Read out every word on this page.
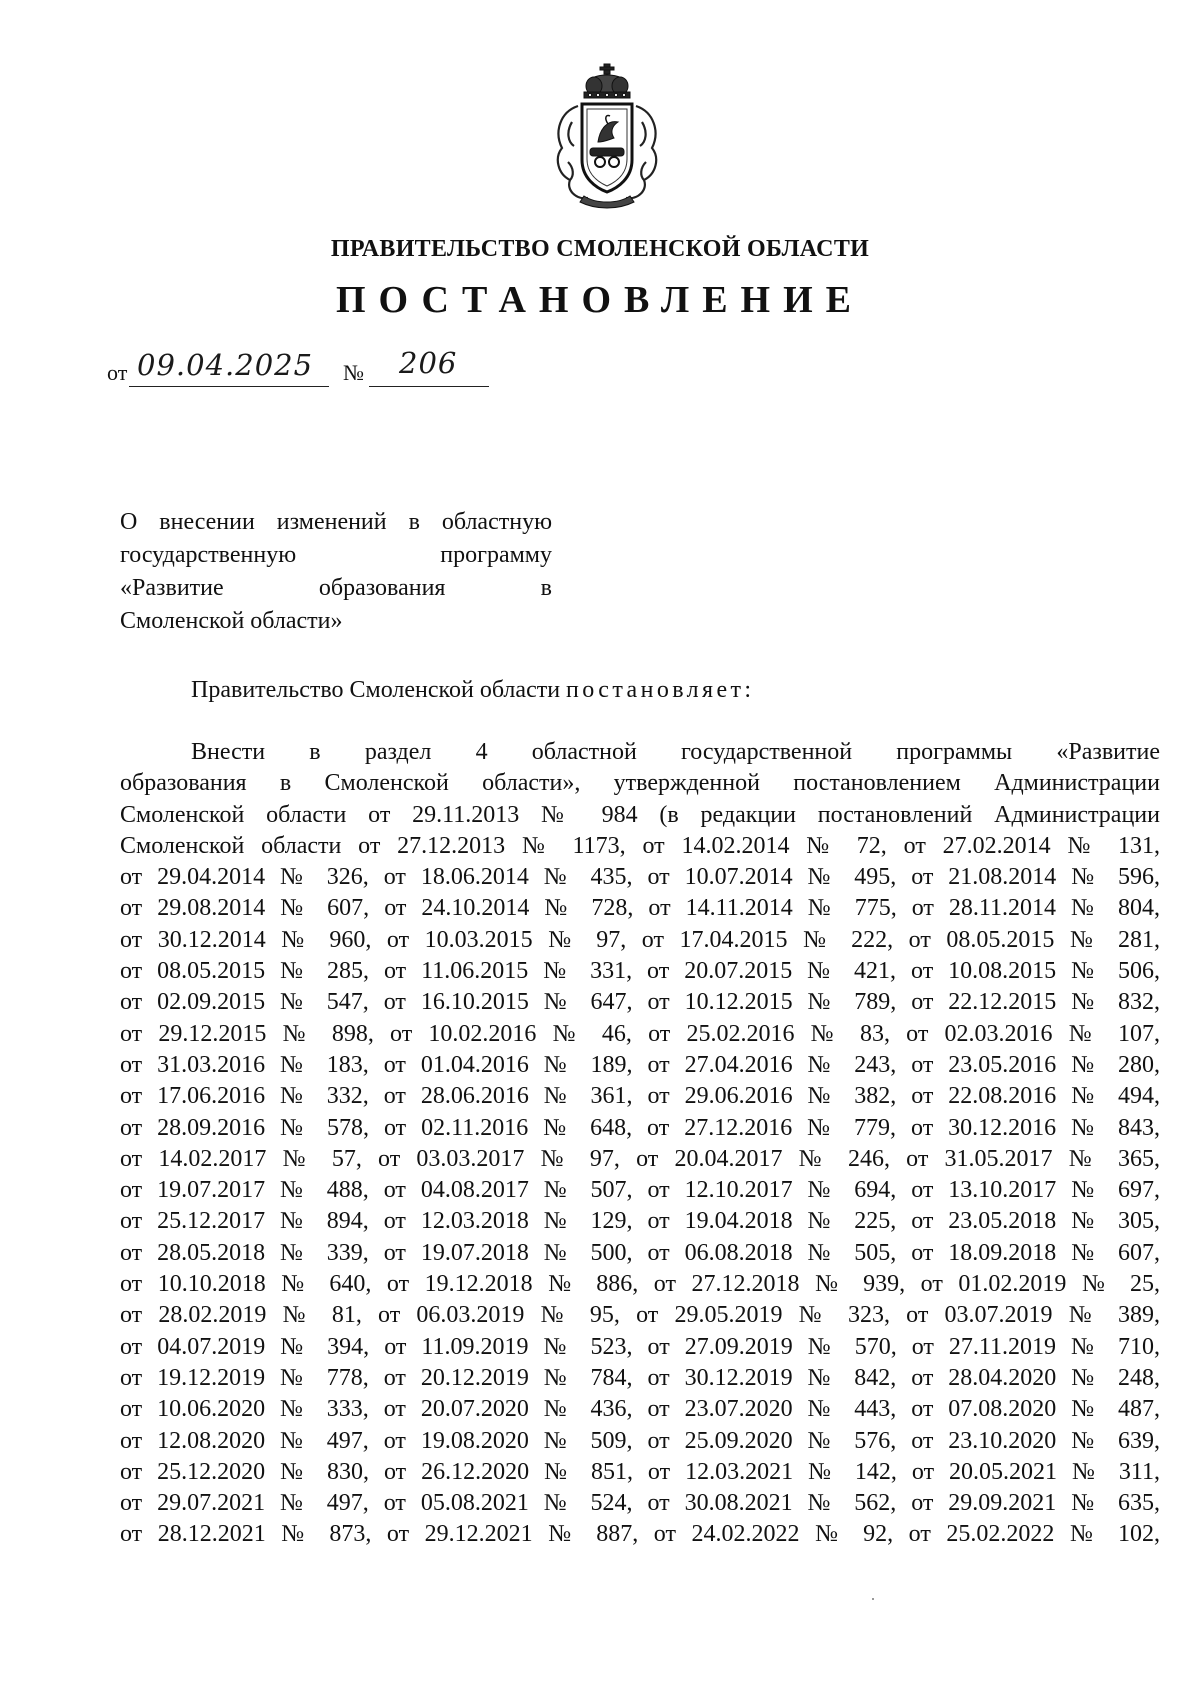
ПРАВИТЕЛЬСТВО СМОЛЕНСКОЙ ОБЛАСТИ
ПОСТАНОВЛЕНИЕ
от 09.04.2025 № 206
О внесении изменений в областную
государственную программу
«Развитие образования в
Смоленской области»
Правительство Смоленской области постановляет:
Внести в раздел 4 областной государственной программы «Развитие
образования в Смоленской области», утвержденной постановлением Администрации
Смоленской области от 29.11.2013 № 984 (в редакции постановлений Администрации
Смоленской области от 27.12.2013 № 1173, от 14.02.2014 № 72, от 27.02.2014 № 131,
от 29.04.2014 № 326, от 18.06.2014 № 435, от 10.07.2014 № 495, от 21.08.2014 № 596,
от 29.08.2014 № 607, от 24.10.2014 № 728, от 14.11.2014 № 775, от 28.11.2014 № 804,
от 30.12.2014 № 960, от 10.03.2015 № 97, от 17.04.2015 № 222, от 08.05.2015 № 281,
от 08.05.2015 № 285, от 11.06.2015 № 331, от 20.07.2015 № 421, от 10.08.2015 № 506,
от 02.09.2015 № 547, от 16.10.2015 № 647, от 10.12.2015 № 789, от 22.12.2015 № 832,
от 29.12.2015 № 898, от 10.02.2016 № 46, от 25.02.2016 № 83, от 02.03.2016 № 107,
от 31.03.2016 № 183, от 01.04.2016 № 189, от 27.04.2016 № 243, от 23.05.2016 № 280,
от 17.06.2016 № 332, от 28.06.2016 № 361, от 29.06.2016 № 382, от 22.08.2016 № 494,
от 28.09.2016 № 578, от 02.11.2016 № 648, от 27.12.2016 № 779, от 30.12.2016 № 843,
от 14.02.2017 № 57, от 03.03.2017 № 97, от 20.04.2017 № 246, от 31.05.2017 № 365,
от 19.07.2017 № 488, от 04.08.2017 № 507, от 12.10.2017 № 694, от 13.10.2017 № 697,
от 25.12.2017 № 894, от 12.03.2018 № 129, от 19.04.2018 № 225, от 23.05.2018 № 305,
от 28.05.2018 № 339, от 19.07.2018 № 500, от 06.08.2018 № 505, от 18.09.2018 № 607,
от 10.10.2018 № 640, от 19.12.2018 № 886, от 27.12.2018 № 939, от 01.02.2019 № 25,
от 28.02.2019 № 81, от 06.03.2019 № 95, от 29.05.2019 № 323, от 03.07.2019 № 389,
от 04.07.2019 № 394, от 11.09.2019 № 523, от 27.09.2019 № 570, от 27.11.2019 № 710,
от 19.12.2019 № 778, от 20.12.2019 № 784, от 30.12.2019 № 842, от 28.04.2020 № 248,
от 10.06.2020 № 333, от 20.07.2020 № 436, от 23.07.2020 № 443, от 07.08.2020 № 487,
от 12.08.2020 № 497, от 19.08.2020 № 509, от 25.09.2020 № 576, от 23.10.2020 № 639,
от 25.12.2020 № 830, от 26.12.2020 № 851, от 12.03.2021 № 142, от 20.05.2021 № 311,
от 29.07.2021 № 497, от 05.08.2021 № 524, от 30.08.2021 № 562, от 29.09.2021 № 635,
от 28.12.2021 № 873, от 29.12.2021 № 887, от 24.02.2022 № 92, от 25.02.2022 № 102,
